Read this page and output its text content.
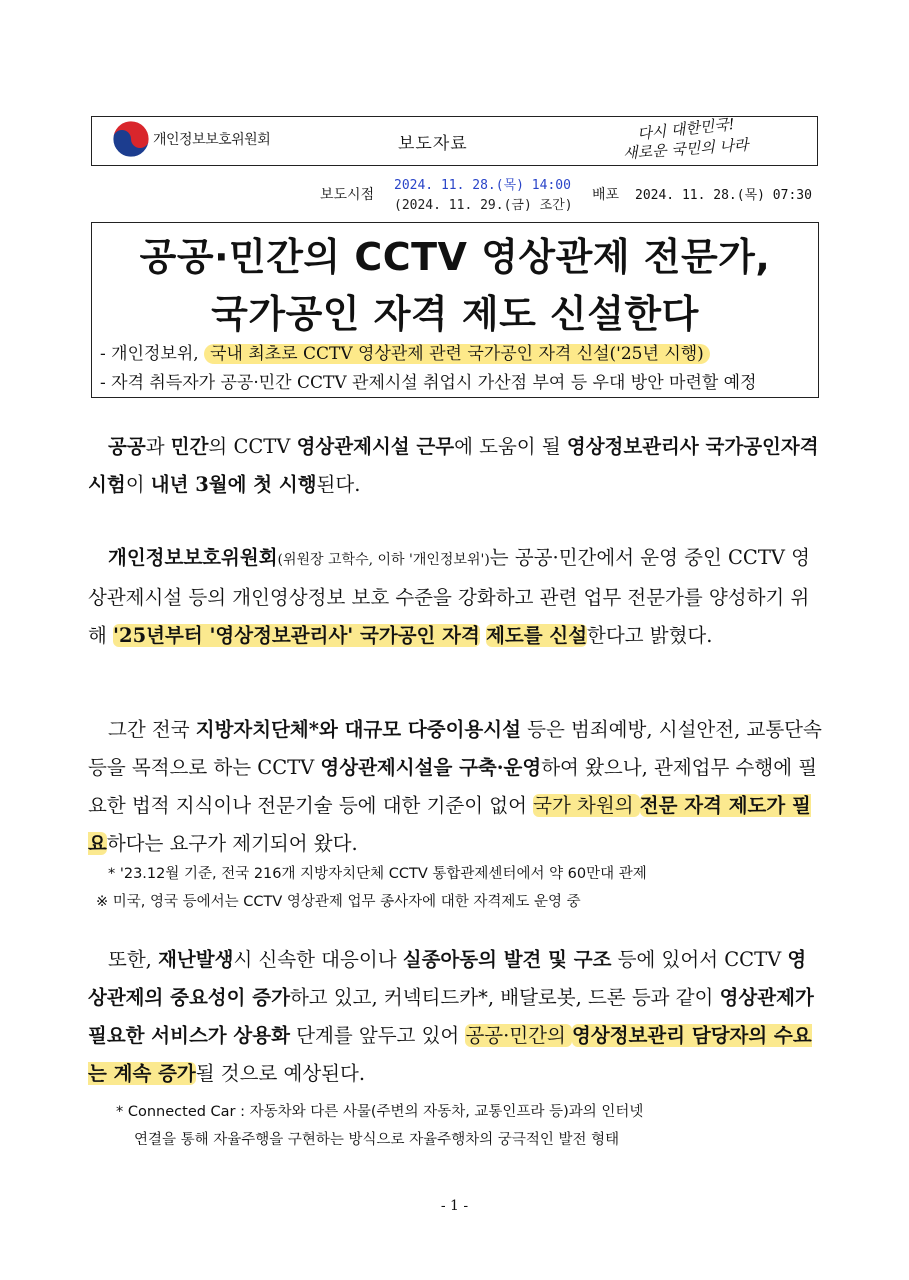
개인정보보호위원회	보도자료
다시 대한민국!
새로운 국민의 나라
보도시점
2024. 11. 28.(목) 14:00
(2024. 11. 29.(금) 조간)
배포 2024. 11. 28.(목) 07:30
공공·민간의 CCTV 영상관제 전문가,
국가공인 자격 제도 신설한다
- 개인정보위, 국내 최초로 CCTV 영상관제 관련 국가공인 자격 신설('25년 시행)
- 자격 취득자가 공공·민간 CCTV 관제시설 취업시 가산점 부여 등 우대 방안 마련할 예정

공공과 민간의 CCTV 영상관제시설 근무에 도움이 될 영상정보관리사 국가공인자격시험이 내년 3월에 첫 시행된다.

개인정보보호위원회(위원장 고학수, 이하 '개인정보위')는 공공·민간에서 운영 중인 CCTV 영상관제시설 등의 개인영상정보 보호 수준을 강화하고 관련 업무 전문가를 양성하기 위해 '25년부터 '영상정보관리사' 국가공인 자격 제도를 신설한다고 밝혔다.

그간 전국 지방자치단체*와 대규모 다중이용시설 등은 범죄예방, 시설안전, 교통단속 등을 목적으로 하는 CCTV 영상관제시설을 구축·운영하여 왔으나, 관제업무 수행에 필요한 법적 지식이나 전문기술 등에 대한 기준이 없어 국가 차원의 전문 자격 제도가 필요하다는 요구가 제기되어 왔다.

* '23.12월 기준, 전국 216개 지방자치단체 CCTV 통합관제센터에서 약 60만대 관제
※ 미국, 영국 등에서는 CCTV 영상관제 업무 종사자에 대한 자격제도 운영 중

또한, 재난발생시 신속한 대응이나 실종아동의 발견 및 구조 등에 있어서 CCTV 영상관제의 중요성이 증가하고 있고, 커넥티드카*, 배달로봇, 드론 등과 같이 영상관제가 필요한 서비스가 상용화 단계를 앞두고 있어 공공·민간의 영상정보관리 담당자의 수요는 계속 증가될 것으로 예상된다.

* Connected Car : 자동차와 다른 사물(주변의 자동차, 교통인프라 등)과의 인터넷
연결을 통해 자율주행을 구현하는 방식으로 자율주행차의 궁극적인 발전 형태
- 1 -
